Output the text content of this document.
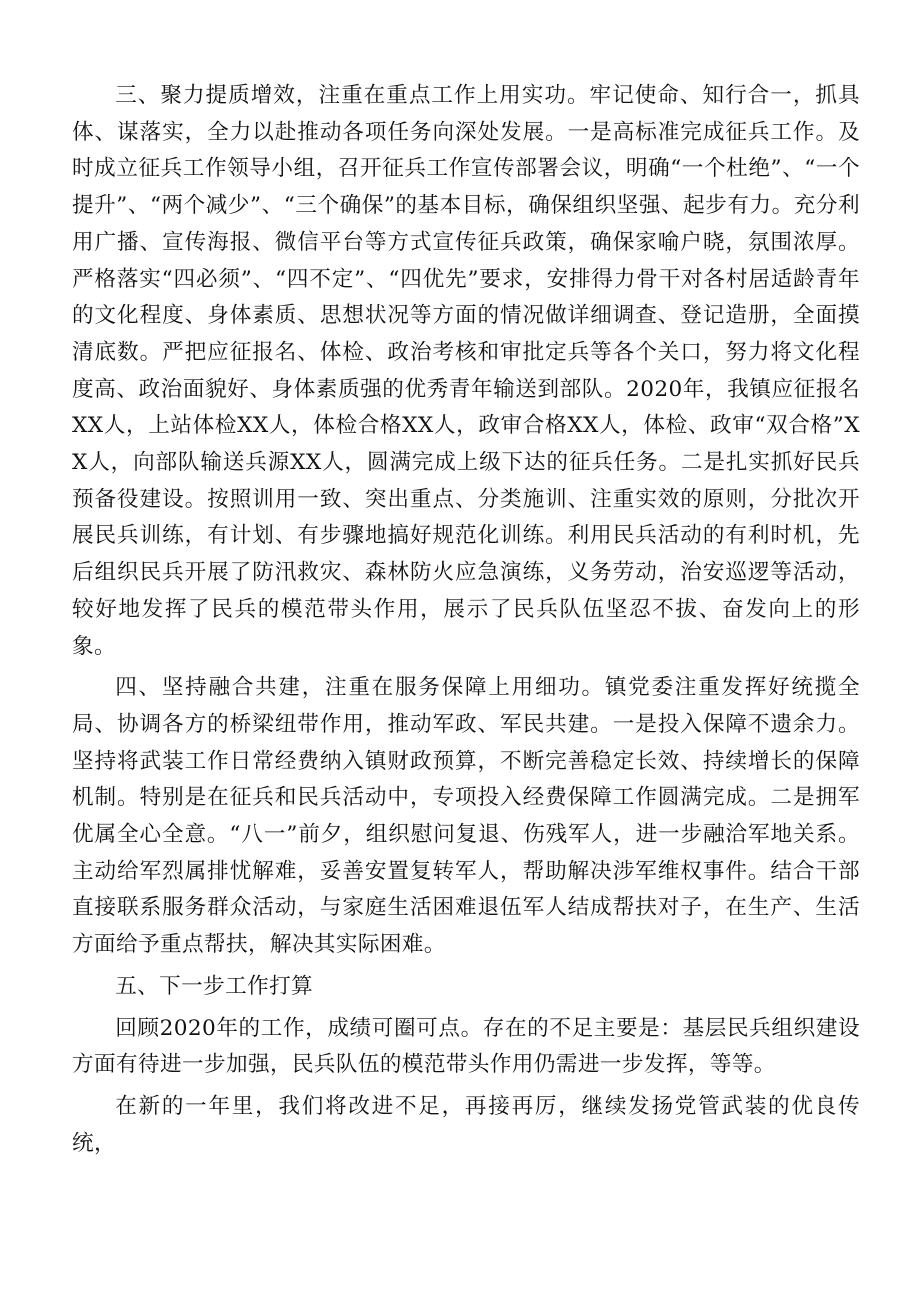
三、聚力提质增效，注重在重点工作上用实功。牢记使命、知行合一，抓具体、谋落实，全力以赴推动各项任务向深处发展。一是高标准完成征兵工作。及时成立征兵工作领导小组，召开征兵工作宣传部署会议，明确“一个杜绝”、“一个提升”、“两个减少”、“三个确保”的基本目标，确保组织坚强、起步有力。充分利用广播、宣传海报、微信平台等方式宣传征兵政策，确保家喻户晓，氛围浓厚。严格落实“四必须”、“四不定”、“四优先”要求，安排得力骨干对各村居适龄青年的文化程度、身体素质、思想状况等方面的情况做详细调查、登记造册，全面摸清底数。严把应征报名、体检、政治考核和审批定兵等各个关口，努力将文化程度高、政治面貌好、身体素质强的优秀青年输送到部队。2020年，我镇应征报名XX人，上站体检XX人，体检合格XX人，政审合格XX人，体检、政审“双合格”XX人，向部队输送兵源XX人，圆满完成上级下达的征兵任务。二是扎实抓好民兵预备役建设。按照训用一致、突出重点、分类施训、注重实效的原则，分批次开展民兵训练，有计划、有步骤地搞好规范化训练。利用民兵活动的有利时机，先后组织民兵开展了防汛救灾、森林防火应急演练，义务劳动，治安巡逻等活动，较好地发挥了民兵的模范带头作用，展示了民兵队伍坚忍不拔、奋发向上的形象。

四、坚持融合共建，注重在服务保障上用细功。镇党委注重发挥好统揽全局、协调各方的桥梁纽带作用，推动军政、军民共建。一是投入保障不遗余力。坚持将武装工作日常经费纳入镇财政预算，不断完善稳定长效、持续增长的保障机制。特别是在征兵和民兵活动中，专项投入经费保障工作圆满完成。二是拥军优属全心全意。“八一”前夕，组织慰问复退、伤残军人，进一步融洽军地关系。主动给军烈属排忧解难，妥善安置复转军人，帮助解决涉军维权事件。结合干部直接联系服务群众活动，与家庭生活困难退伍军人结成帮扶对子，在生产、生活方面给予重点帮扶，解决其实际困难。

五、下一步工作打算

回顾2020年的工作，成绩可圈可点。存在的不足主要是：基层民兵组织建设方面有待进一步加强，民兵队伍的模范带头作用仍需进一步发挥，等等。

在新的一年里，我们将改进不足，再接再厉，继续发扬党管武装的优良传统，
